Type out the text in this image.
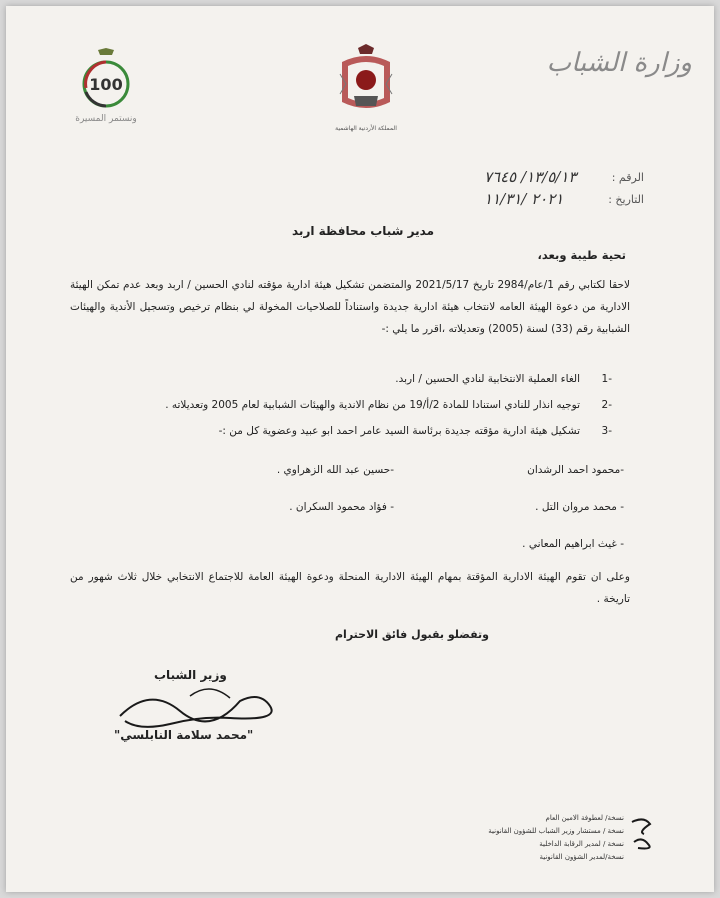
وزارة الشباب
المملكة الأردنية الهاشمية
100
ونستمر المسيرة
الرقم :
١٣/٥/١٣/ ٧٦٤٥
التاريخ :
٢٠٢١ /١١/٣١
مدير شباب محافظة اربد
تحية طيبة وبعد،
لاحقا لكتابي رقم 1/عام/2984 تاريخ 2021/5/17 والمتضمن تشكيل هيئة ادارية مؤقته لنادي الحسين / اربد وبعد عدم تمكن الهيئة الادارية من دعوة الهيئة العامه لانتخاب هيئة ادارية جديدة واستناداً للصلاحيات المخولة لي بنظام ترخيص وتسجيل الأندية والهيئات الشبابية رقم (33) لسنة (2005) وتعديلاته ،اقرر ما يلي :-
-1
الغاء العملية الانتخابية لنادي الحسين / اربد.
-2
توجيه انذار للنادي استنادا للمادة 2/أ/19 من نظام الاندية والهيئات الشبابية لعام 2005 وتعديلاته .
-3
تشكيل هيئة ادارية مؤقته جديدة برئاسة السيد عامر احمد ابو عبيد وعضوية كل من :-
-محمود احمد الرشدان
-حسين عبد الله الزهراوي .
- محمد مروان التل .
- فؤاد محمود السكران .
- غيث ابراهيم المعاني .
وعلى ان تقوم الهيئة الادارية المؤقتة بمهام الهيئة الادارية المنحلة ودعوة الهيئة العامة للاجتماع الانتخابي خلال ثلاث شهور من تاريخة .
وتفضلو بقبول فائق الاحترام
وزير الشباب
"محمد سلامة النابلسي"
نسخة/ لعطوفة الامين العام
نسخة / مستشار وزير الشباب للشؤون القانونية
نسخة / لمدير الرقابة الداخلية
نسخة/لمدير الشؤون القانونية
